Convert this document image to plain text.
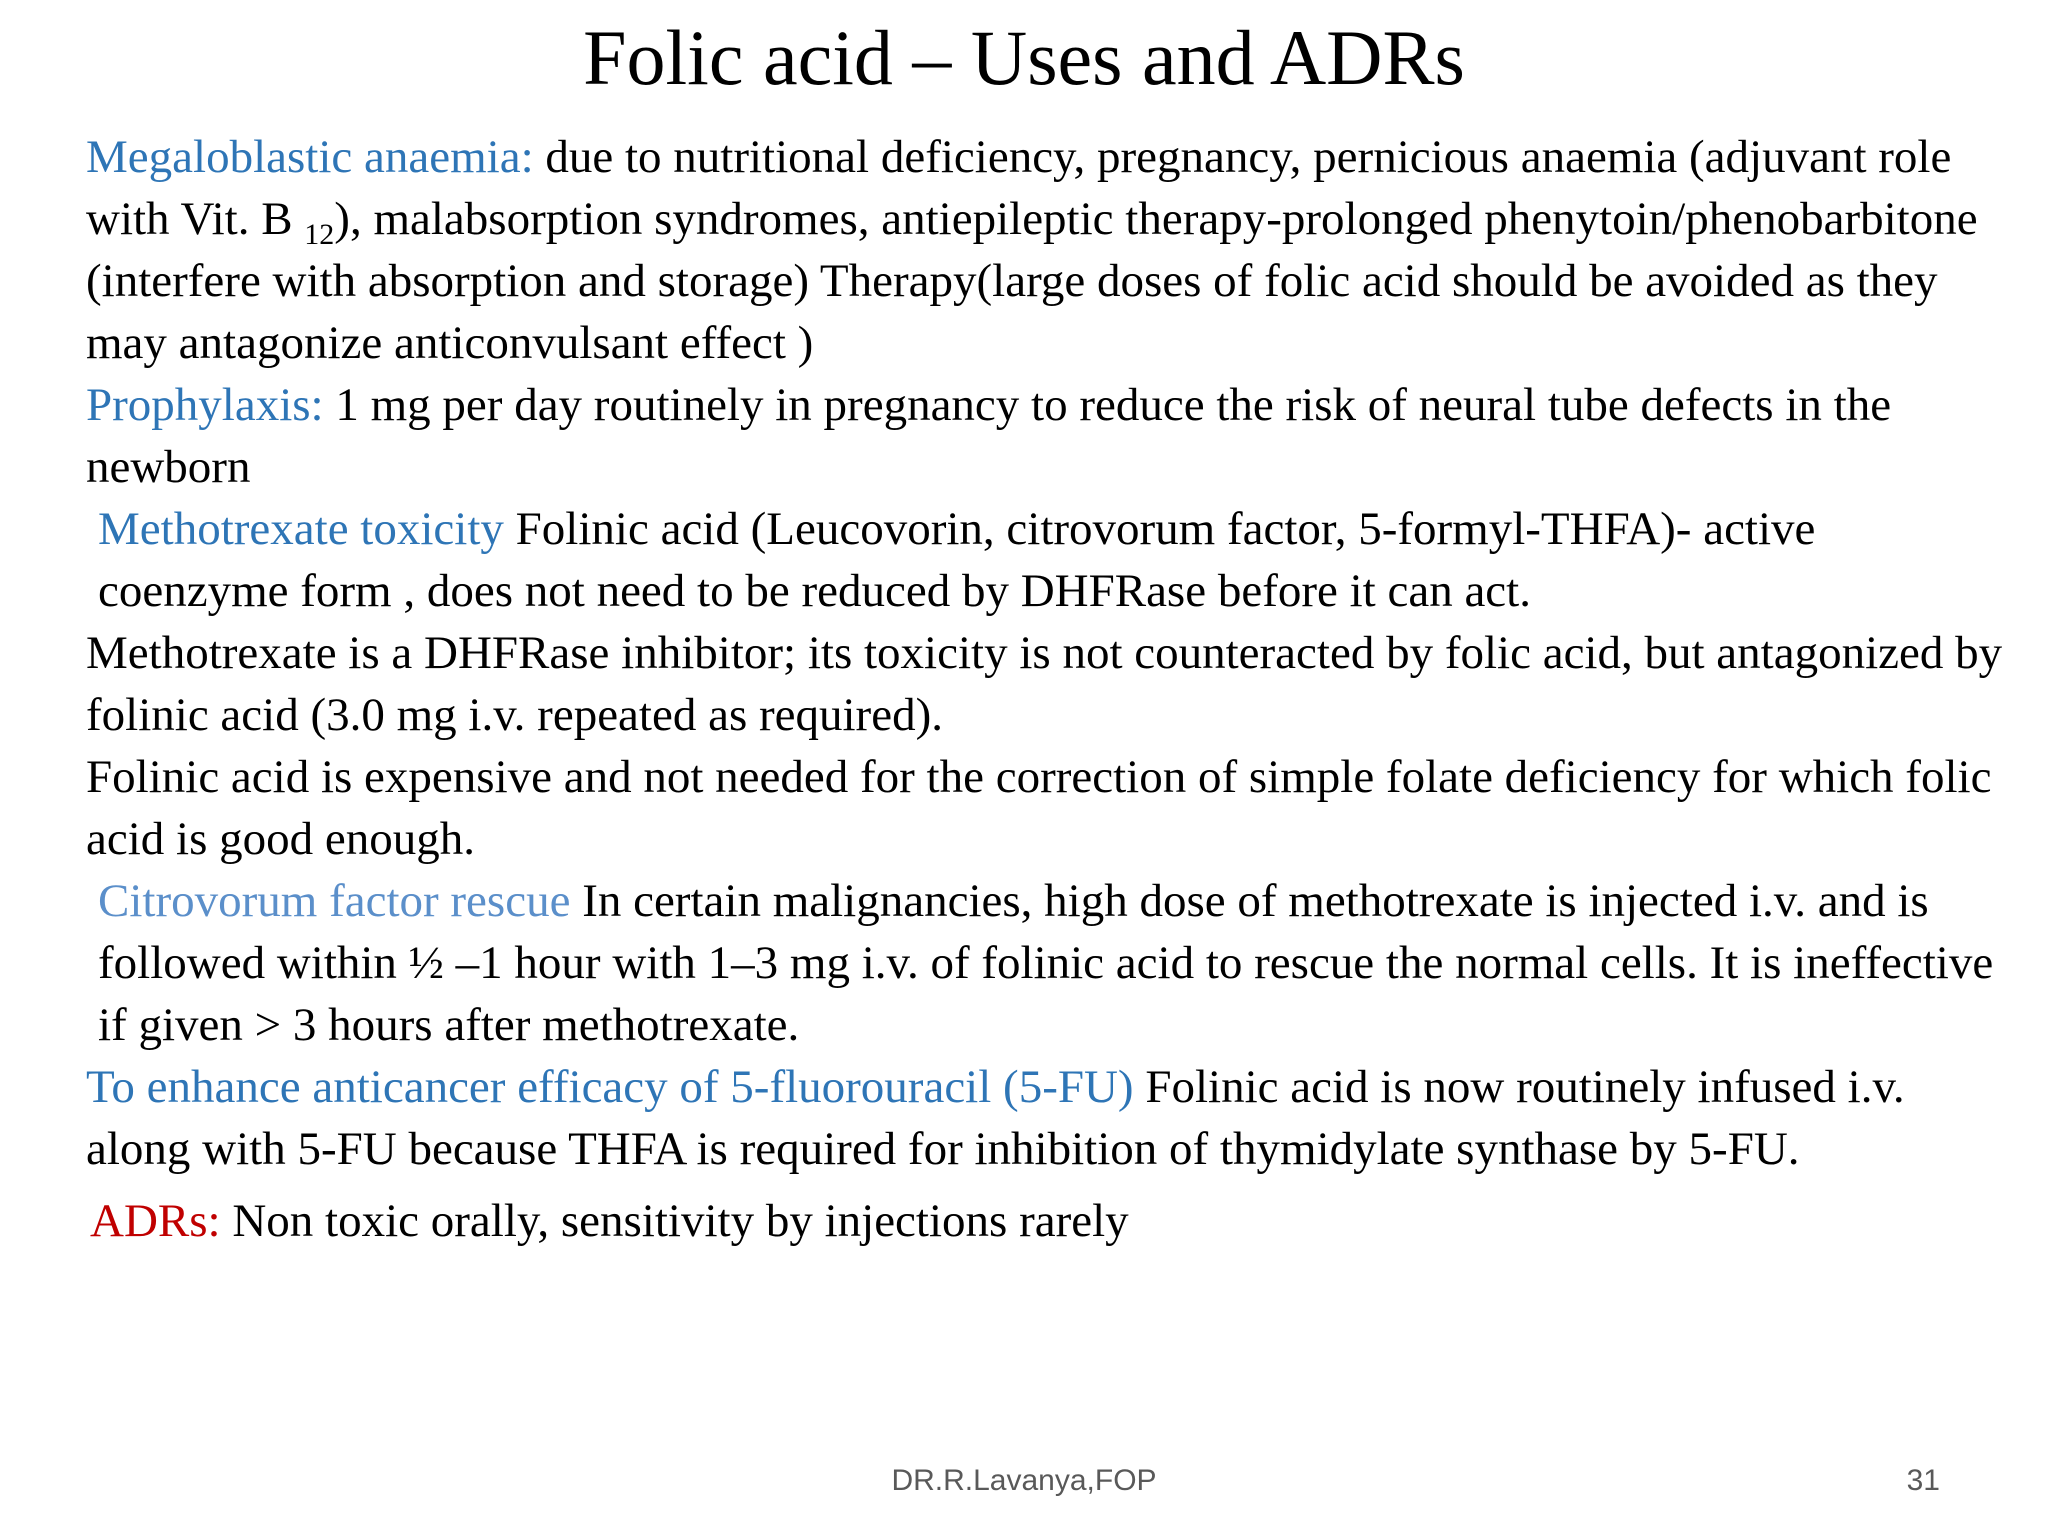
Folic acid – Uses and ADRs

Megaloblastic anaemia: due to nutritional deficiency, pregnancy, pernicious anaemia (adjuvant role with Vit. B $_{12}$), malabsorption syndromes, antiepileptic therapy-prolonged phenytoin/phenobarbitone (interfere with absorption and storage) Therapy(large doses of folic acid should be avoided as they may antagonize anticonvulsant effect )

Prophylaxis: 1 mg per day routinely in pregnancy to reduce the risk of neural tube defects in the newborn

Methotrexate toxicity Folinic acid (Leucovorin, citrovorum factor, 5-formyl-THFA)- active coenzyme form , does not need to be reduced by DHFRase before it can act.

Methotrexate is a DHFRase inhibitor; its toxicity is not counteracted by folic acid, but antagonized by folinic acid (3.0 mg i.v. repeated as required).

Folinic acid is expensive and not needed for the correction of simple folate deficiency for which folic acid is good enough.

Citrovorum factor rescue In certain malignancies, high dose of methotrexate is injected i.v. and is followed within ½ –1 hour with 1–3 mg i.v. of folinic acid to rescue the normal cells. It is ineffective if given > 3 hours after methotrexate.

To enhance anticancer efficacy of 5-fluorouracil (5-FU) Folinic acid is now routinely infused i.v. along with 5-FU because THFA is required for inhibition of thymidylate synthase by 5-FU.

ADRs: Non toxic orally, sensitivity by injections rarely

DR.R.Lavanya,FOP	31
